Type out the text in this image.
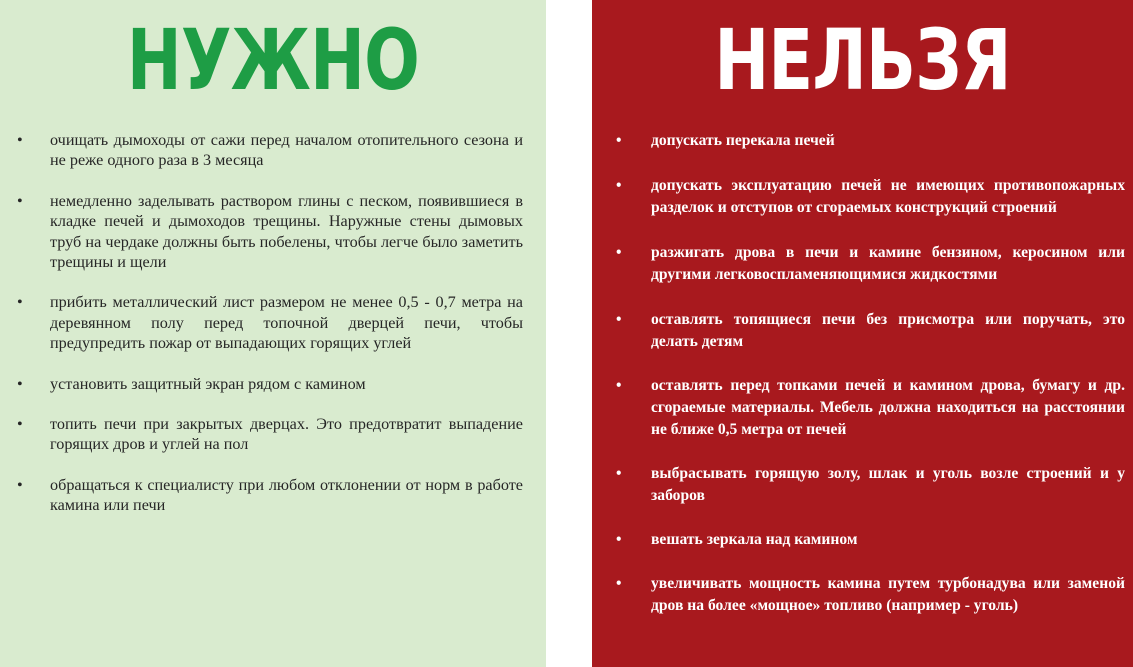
НУЖНО
• очищать дымоходы от сажи перед началом отопительного сезона и не реже одного раза в 3 месяца
• немедленно заделывать раствором глины с песком, появившиеся в кладке печей и дымоходов трещины. Наружные стены дымовых труб на чердаке должны быть побелены, чтобы легче было заметить трещины и щели
• прибить металлический лист размером не менее 0,5 - 0,7 метра на деревянном полу перед топочной дверцей печи, чтобы предупредить пожар от выпадающих горящих углей
• установить защитный экран рядом с камином
• топить печи при закрытых дверцах. Это предотвратит выпадение горящих дров и углей на пол
• обращаться к специалисту при любом отклонении от норм в работе камина или печи
НЕЛЬЗЯ
• допускать перекала печей
• допускать эксплуатацию печей не имеющих противопожарных разделок и отступов от сгораемых конструкций строений
• разжигать дрова в печи и камине бензином, керосином или другими легковоспламеняющимися жидкостями
• оставлять топящиеся печи без присмотра или поручать, это делать детям
• оставлять перед топками печей и камином дрова, бумагу и др. сгораемые материалы. Мебель должна находиться на расстоянии не ближе 0,5 метра от печей
• выбрасывать горящую золу, шлак и уголь возле строений и у заборов
• вешать зеркала над камином
• увеличивать мощность камина путем турбонадува или заменой дров на более «мощное» топливо (например - уголь)
